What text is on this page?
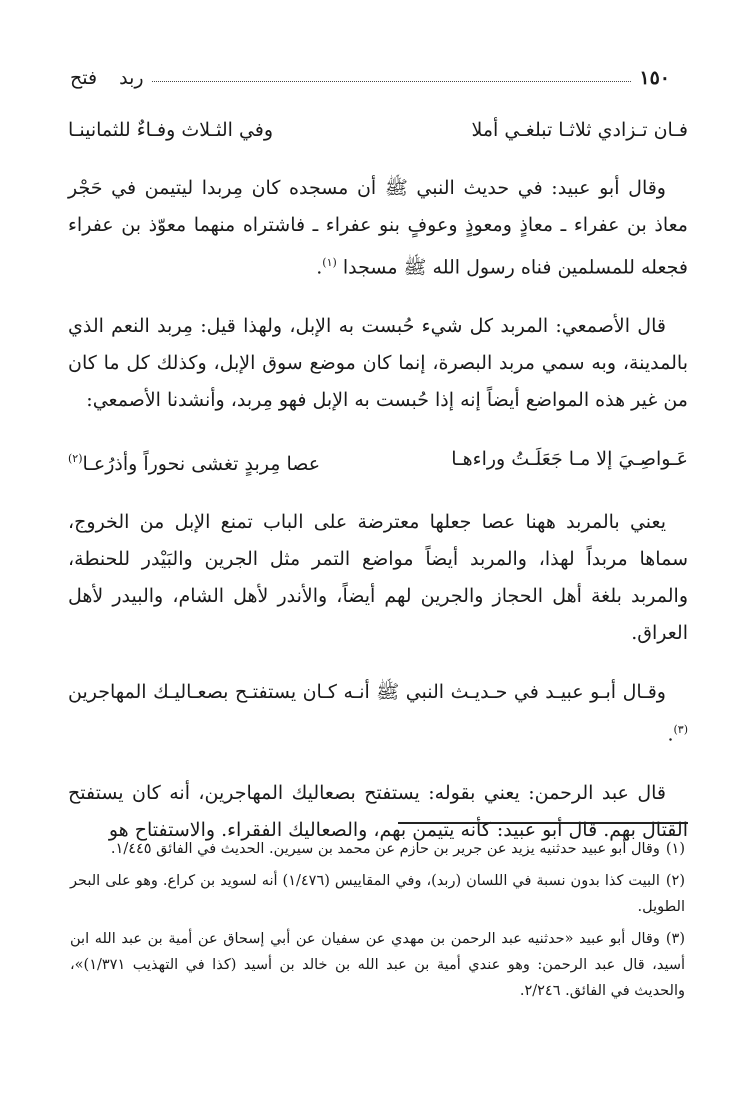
١٥٠
ربد
فتح
فـان تـزادي ثلاثـا تبلغـي أملا
وفي الثـلاث وفـاءٌ للثمانينـا

وقال أبو عبيد: في حديث النبي ﷺ أن مسجده كان مِربدا ليتيمن في حَجْر معاذ بن عفراء ـ معاذٍ ومعوذٍ وعوفٍ بنو عفراء ـ فاشتراه منهما معوّذ بن عفراء فجعله للمسلمين فناه رسول الله ﷺ مسجدا $^{(١)}$.

قال الأصمعي: المربد كل شيء حُبست به الإبل، ولهذا قيل: مِربد النعم الذي بالمدينة، وبه سمي مربد البصرة، إنما كان موضع سوق الإبل، وكذلك كل ما كان من غير هذه المواضع أيضاً إنه إذا حُبست به الإبل فهو مِربد، وأنشدنا الأصمعي:

عَـواصِـيَ إلا مـا جَعَلَـتُ وراءهـا
عصا مِربدٍ تغشى نحوراً وأذرُعـا$^{(٢)}$

يعني بالمربد ههنا عصا جعلها معترضة على الباب تمنع الإبل من الخروج، سماها مربداً لهذا، والمربد أيضاً مواضع التمر مثل الجرين والبَيْدر للحنطة، والمربد بلغة أهل الحجاز والجرين لهم أيضاً، والأندر لأهل الشام، والبيدر لأهل العراق.

وقـال أبـو عبيـد في حـديـث النبي ﷺ أنـه كـان يستفتـح بصعـاليـك المهاجرين $^{(٣)}$.

قال عبد الرحمن: يعني بقوله: يستفتح بصعاليك المهاجرين، أنه كان يستفتح القتال بهم. قال أبو عبيد: كأنه يتيمن بهم، والصعاليك الفقراء. والاستفتاح هو

(١)وقال أبو عبيد حدثنيه يزيد عن جرير بن حازم عن محمد بن سيرين. الحديث في الفائق ١/٤٤٥.
(٢)البيت كذا بدون نسبة في اللسان (ربد)، وفي المقاييس (١/٤٧٦) أنه لسويد بن كراع. وهو على البحر الطويل.
(٣)وقال أبو عبيد «حدثنيه عبد الرحمن بن مهدي عن سفيان عن أبي إسحاق عن أمية بن عبد الله ابن أسيد، قال عبد الرحمن: وهو عندي أمية بن عبد الله بن خالد بن أسيد (كذا في التهذيب ١/٣٧١)»، والحديث في الفائق. ٢/٢٤٦.
